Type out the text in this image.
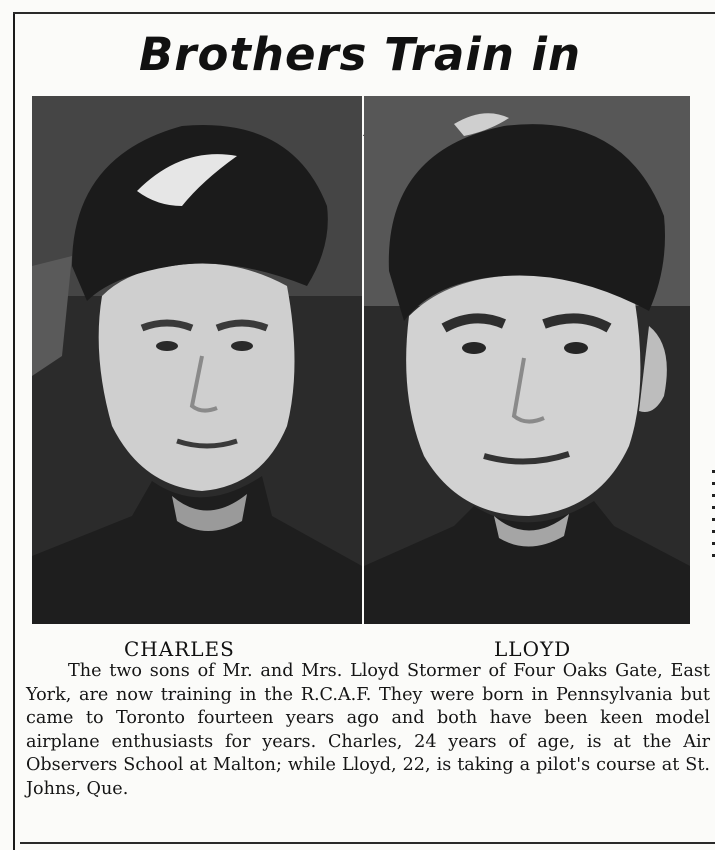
Brothers Train in
CHARLES	LLOYD

The two sons of Mr. and Mrs. Lloyd Stormer of Four Oaks Gate, East York, are now training in the R.C.A.F. They were born in Pennsylvania but came to Toronto fourteen years ago and both have been keen model airplane enthusiasts for years. Charles, 24 years of age, is at the Air Observers School at Malton; while Lloyd, 22, is taking a pilot's course at St. Johns, Que.
